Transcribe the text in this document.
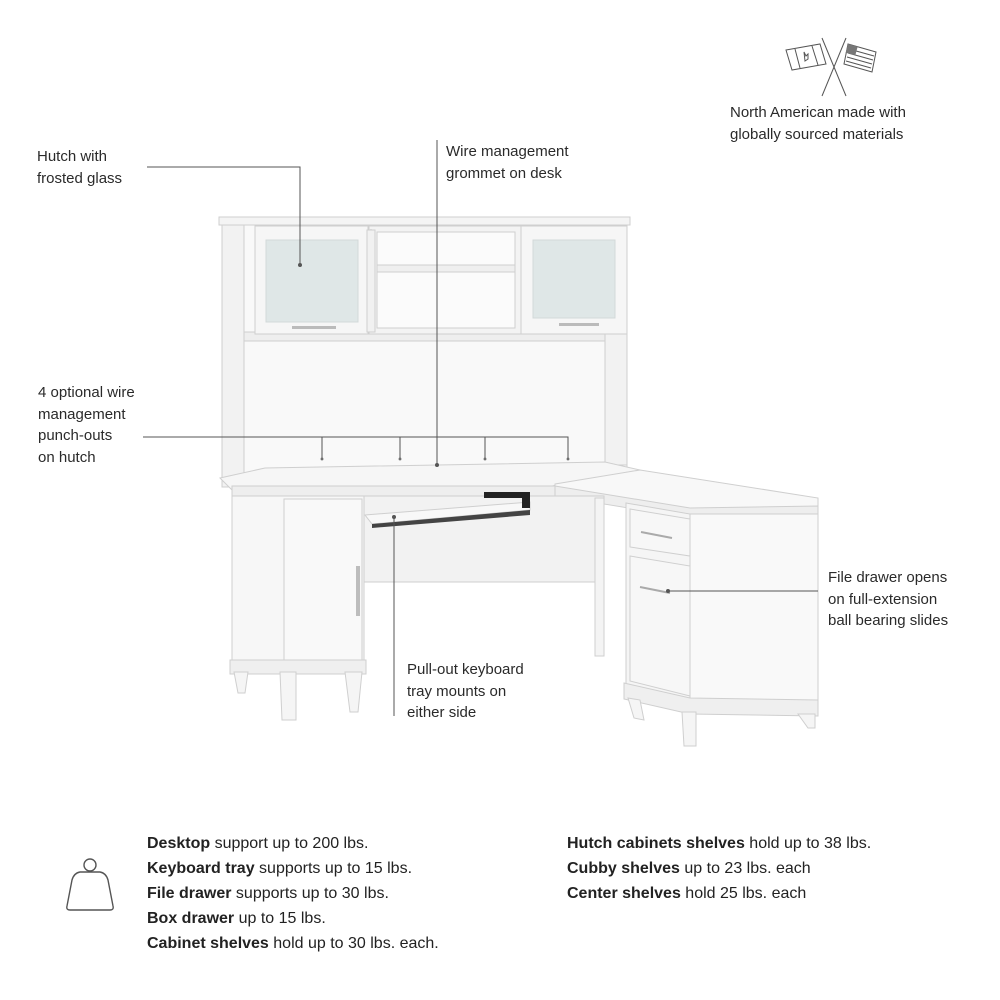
Hutch with
frosted glass
Wire management
grommet on desk
North American made with
globally sourced materials
4 optional wire
management
punch-outs
on hutch
File drawer opens
on full-extension
ball bearing slides
Pull-out keyboard
tray mounts on
either side
Desktop support up to 200 lbs.
Keyboard tray supports up to 15 lbs.
File drawer supports up to 30 lbs.
Box drawer up to 15 lbs.
Cabinet shelves hold up to 30 lbs. each.
Hutch cabinets shelves hold up to 38 lbs.
Cubby shelves up to 23 lbs. each
Center shelves hold 25 lbs. each
